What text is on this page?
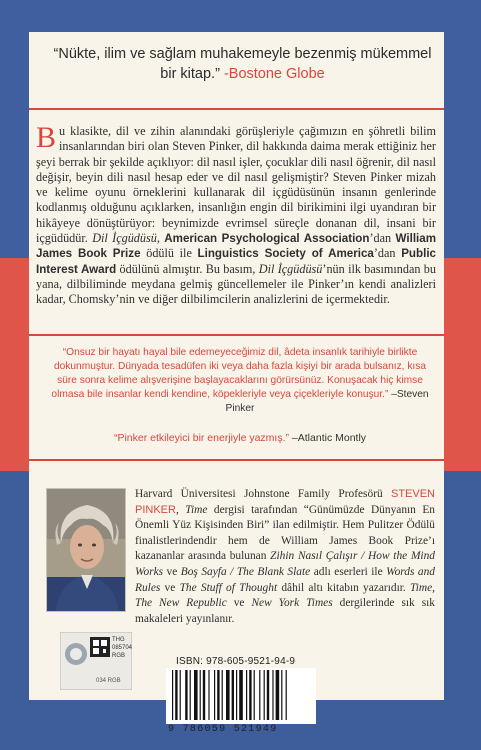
“Nükte, ilim ve sağlam muhakemeyle bezenmiş mükemmel bir kitap.” -Bostone Globe
Bu klasikte, dil ve zihin alanındaki görüşleriyle çağımızın en şöhretli bilim insanlarından biri olan Steven Pinker, dil hakkında daima merak ettiğiniz her şeyi berrak bir şekilde açıklıyor: dil nasıl işler, çocuklar dili nasıl öğrenir, dil nasıl değişir, beyin dili nasıl hesap eder ve dil nasıl gelişmiştir? Steven Pinker mizah ve kelime oyunu örneklerini kullanarak dil içgüdüsünün insanın genlerinde kodlanmış olduğunu açıklarken, insanlığın engin dil birikimini ilgi uyandıran bir hikâyeye dönüştürüyor: beynimizde evrimsel süreçle donanan dil, insani bir içgüdüdür. Dil İçgüdüsü, American Psychological Association’dan William James Book Prize ödülü ile Linguistics Society of America’dan Public Interest Award ödülünü almıştır. Bu basım, Dil İçgüdüsü’nün ilk basımından bu yana, dilbiliminde meydana gelmiş güncellemeler ile Pinker’ın kendi analizleri kadar, Chomsky’nin ve diğer dilbilimcilerin analizlerini de içermektedir.
“Onsuz bir hayatı hayal bile edemeyeceğimiz dil, âdeta insanlık tarihiyle birlikte dokunmuştur. Dünyada tesadüfen iki veya daha fazla kişiyi bir arada bulsanız, kısa süre sonra kelime alışverişine başlayacaklarını görürsünüz. Konuşacak hiç kimse olmasa bile insanlar kendi kendine, köpekleriyle veya çiçekleriyle konuşur.” –Steven Pinker
“Pinker etkileyici bir enerjiyle yazmış.” –Atlantic Montly
Harvard Üniversitesi Johnstone Family Profesörü STEVEN PINKER, Time dergisi tarafından “Günümüzde Dünyanın En Önemli Yüz Kişisinden Biri” ilan edilmiştir. Hem Pulitzer Ödülü finalistlerindendir hem de William James Book Prize’ı kazananlar arasında bulunan Zihin Nasıl Çalışır / How the Mind Works ve Boş Sayfa / The Blank Slate adlı eserleri ile Words and Rules ve The Stuff of Thought dâhil altı kitabın yazarıdır. Time, The New Republic ve New York Times dergilerinde sık sık makaleleri yayınlanır.
THG
085704
RGB
034 RGB
ISBN: 978-605-9521-94-9
9 786059 521949
